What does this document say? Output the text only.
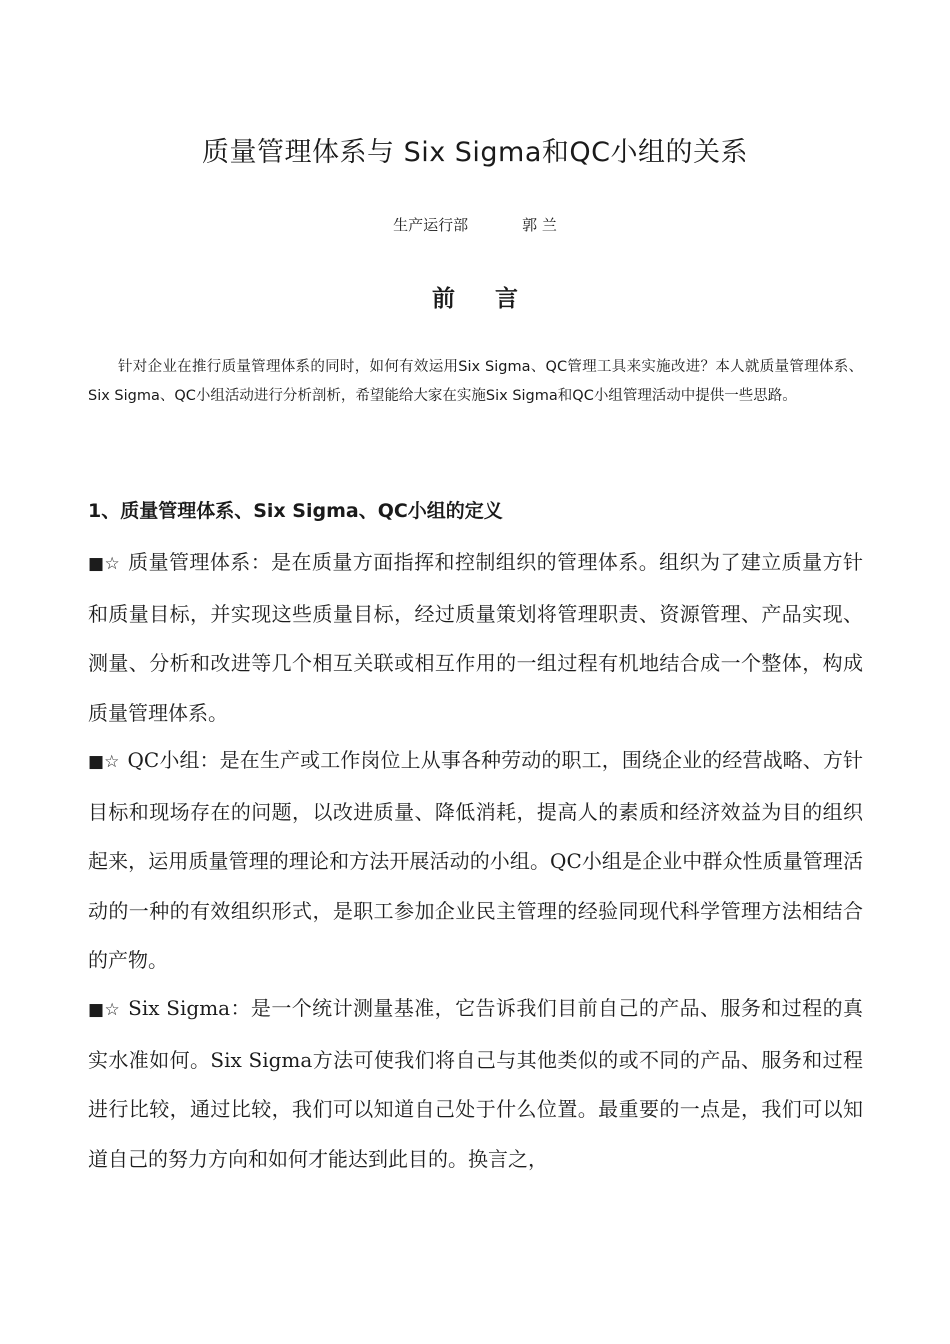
质量管理体系与 Six Sigma和QC小组的关系
生产运行部	郭 兰
前 言

针对企业在推行质量管理体系的同时，如何有效运用Six Sigma、QC管理工具来实施改进？本人就质量管理体系、Six Sigma、QC小组活动进行分析剖析，希望能给大家在实施Six Sigma和QC小组管理活动中提供一些思路。

1、质量管理体系、Six Sigma、QC小组的定义

■☆ 质量管理体系：是在质量方面指挥和控制组织的管理体系。组织为了建立质量方针和质量目标，并实现这些质量目标，经过质量策划将管理职责、资源管理、产品实现、测量、分析和改进等几个相互关联或相互作用的一组过程有机地结合成一个整体，构成质量管理体系。

■☆ QC小组：是在生产或工作岗位上从事各种劳动的职工，围绕企业的经营战略、方针目标和现场存在的问题，以改进质量、降低消耗，提高人的素质和经济效益为目的组织起来，运用质量管理的理论和方法开展活动的小组。QC小组是企业中群众性质量管理活动的一种的有效组织形式，是职工参加企业民主管理的经验同现代科学管理方法相结合的产物。

■☆ Six Sigma：是一个统计测量基准，它告诉我们目前自己的产品、服务和过程的真实水准如何。Six Sigma方法可使我们将自己与其他类似的或不同的产品、服务和过程进行比较，通过比较，我们可以知道自己处于什么位置。最重要的一点是，我们可以知道自己的努力方向和如何才能达到此目的。换言之，
